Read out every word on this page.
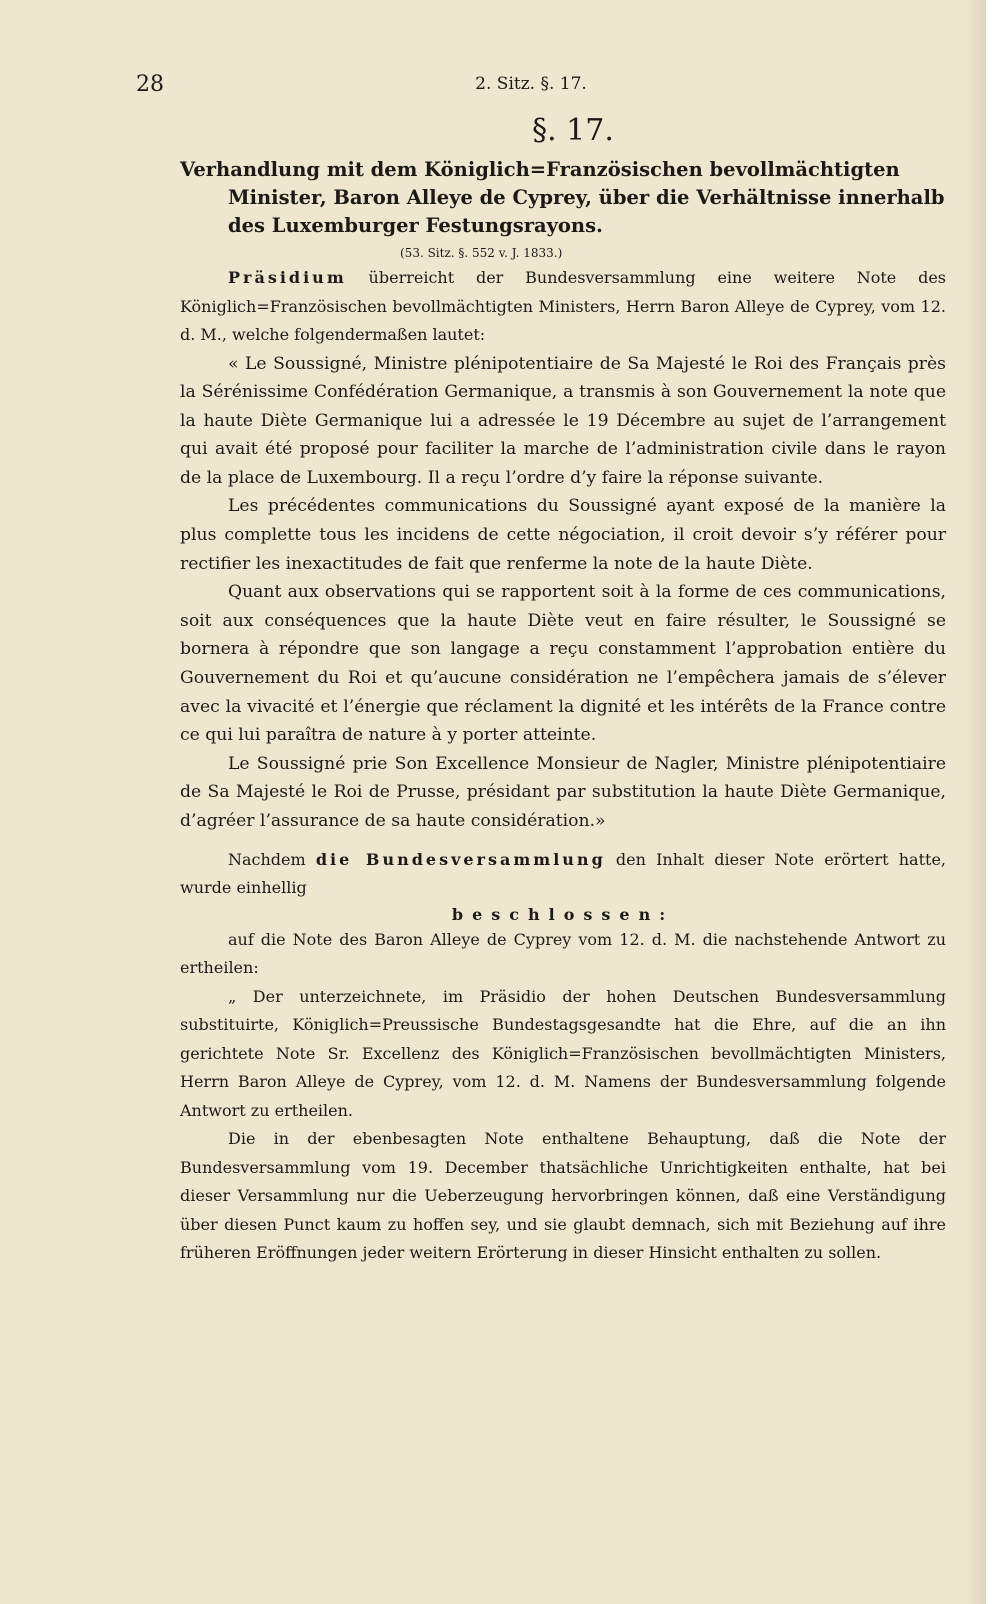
28	2. Sitz. §. 17.
§. 17.

Verhandlung mit dem Königlich=Französischen bevollmächtigten Minister, Baron Alleye de Cyprey, über die Verhältnisse innerhalb des Luxemburger Festungsrayons.

(53. Sitz. §. 552 v. J. 1833.)

Präsidium überreicht der Bundesversammlung eine weitere Note des Königlich=Französischen bevollmächtigten Ministers, Herrn Baron Alleye de Cyprey, vom 12. d. M., welche folgendermaßen lautet:

« Le Soussigné, Ministre plénipotentiaire de Sa Majesté le Roi des Français près la Sérénissime Confédération Germanique, a transmis à son Gouvernement la note que la haute Diète Germanique lui a adressée le 19 Décembre au sujet de l’arrangement qui avait été proposé pour faciliter la marche de l’administration civile dans le rayon de la place de Luxembourg. Il a reçu l’ordre d’y faire la réponse suivante.

Les précédentes communications du Soussigné ayant exposé de la manière la plus complette tous les incidens de cette négociation, il croit devoir s’y référer pour rectifier les inexactitudes de fait que renferme la note de la haute Diète.

Quant aux observations qui se rapportent soit à la forme de ces communications, soit aux conséquences que la haute Diète veut en faire résulter, le Soussigné se bornera à répondre que son langage a reçu constamment l’approbation entière du Gouvernement du Roi et qu’aucune considération ne l’empêchera jamais de s’élever avec la vivacité et l’énergie que réclament la dignité et les intérêts de la France contre ce qui lui paraîtra de nature à y porter atteinte.

Le Soussigné prie Son Excellence Monsieur de Nagler, Ministre plénipotentiaire de Sa Majesté le Roi de Prusse, présidant par substitution la haute Diète Germanique, d’agréer l’assurance de sa haute considération.»

Nachdem die Bundesversammlung den Inhalt dieser Note erörtert hatte, wurde einhellig

beschlossen:

auf die Note des Baron Alleye de Cyprey vom 12. d. M. die nachstehende Antwort zu ertheilen:

„ Der unterzeichnete, im Präsidio der hohen Deutschen Bundesversammlung substituirte, Königlich=Preussische Bundestagsgesandte hat die Ehre, auf die an ihn gerichtete Note Sr. Excellenz des Königlich=Französischen bevollmächtigten Ministers, Herrn Baron Alleye de Cyprey, vom 12. d. M. Namens der Bundesversammlung folgende Antwort zu ertheilen.

Die in der ebenbesagten Note enthaltene Behauptung, daß die Note der Bundesversammlung vom 19. December thatsächliche Unrichtigkeiten enthalte, hat bei dieser Versammlung nur die Ueberzeugung hervorbringen können, daß eine Verständigung über diesen Punct kaum zu hoffen sey, und sie glaubt demnach, sich mit Beziehung auf ihre früheren Eröffnungen jeder weitern Erörterung in dieser Hinsicht enthalten zu sollen.
